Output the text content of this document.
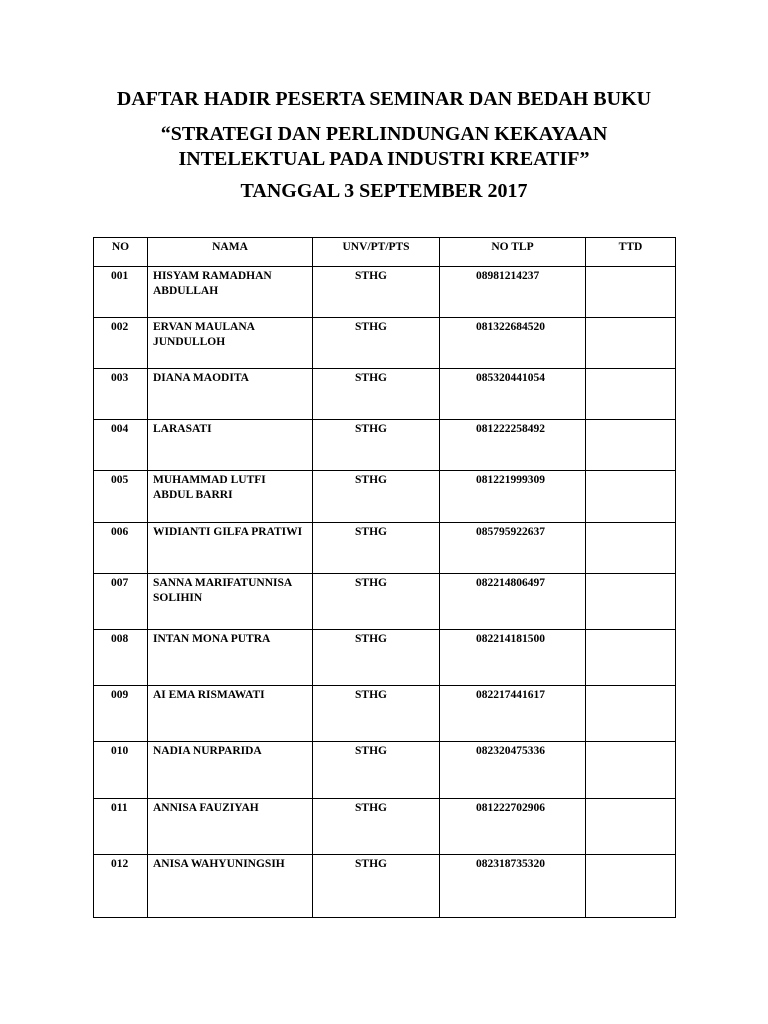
DAFTAR HADIR PESERTA SEMINAR DAN BEDAH BUKU
“STRATEGI DAN PERLINDUNGAN KEKAYAAN
INTELEKTUAL PADA INDUSTRI KREATIF”
TANGGAL 3 SEPTEMBER 2017
NO	NAMA	UNV/PT/PTS	NO TLP	TTD
001	HISYAM RAMADHAN ABDULLAH	STHG	08981214237	
002	ERVAN MAULANA JUNDULLOH	STHG	081322684520	
003	DIANA MAODITA	STHG	085320441054	
004	LARASATI	STHG	081222258492	
005	MUHAMMAD LUTFI ABDUL BARRI	STHG	081221999309	
006	WIDIANTI GILFA PRATIWI	STHG	085795922637	
007	SANNA MARIFATUNNISA SOLIHIN	STHG	082214806497	
008	INTAN MONA PUTRA	STHG	082214181500	
009	AI EMA RISMAWATI	STHG	082217441617	
010	NADIA NURPARIDA	STHG	082320475336	
011	ANNISA FAUZIYAH	STHG	081222702906	
012	ANISA WAHYUNINGSIH	STHG	082318735320	
